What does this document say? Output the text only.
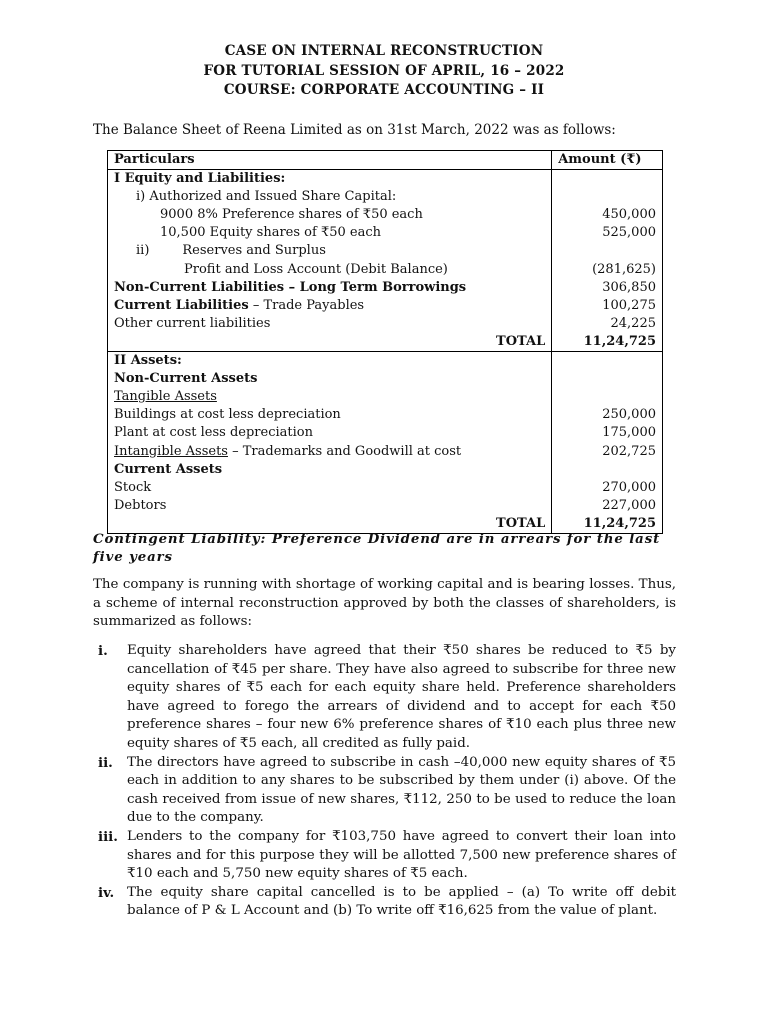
CASE ON INTERNAL RECONSTRUCTION
FOR TUTORIAL SESSION OF APRIL, 16 – 2022
COURSE: CORPORATE ACCOUNTING – II
The Balance Sheet of Reena Limited as on 31st March, 2022 was as follows:
Particulars	Amount (₹)
I Equity and Liabilities:	
i) Authorized and Issued Share Capital:	
9000 8% Preference shares of ₹50 each	450,000
10,500 Equity shares of ₹50 each	525,000
ii) Reserves and Surplus	
Profit and Loss Account (Debit Balance)	(281,625)
Non-Current Liabilities – Long Term Borrowings	306,850
Current Liabilities – Trade Payables	100,275
Other current liabilities	24,225
TOTAL	11,24,725
II Assets:	
Non-Current Assets	
Tangible Assets	
Buildings at cost less depreciation	250,000
Plant at cost less depreciation	175,000
Intangible Assets – Trademarks and Goodwill at cost	202,725
Current Assets	
Stock	270,000
Debtors	227,000
TOTAL	11,24,725
Contingent Liability: Preference Dividend are in arrears for the last five years
The company is running with shortage of working capital and is bearing losses. Thus, a scheme of internal reconstruction approved by both the classes of shareholders, is summarized as follows:
i. Equity shareholders have agreed that their ₹50 shares be reduced to ₹5 by cancellation of ₹45 per share. They have also agreed to subscribe for three new equity shares of ₹5 each for each equity share held. Preference shareholders have agreed to forego the arrears of dividend and to accept for each ₹50 preference shares – four new 6% preference shares of ₹10 each plus three new equity shares of ₹5 each, all credited as fully paid.
ii. The directors have agreed to subscribe in cash –40,000 new equity shares of ₹5 each in addition to any shares to be subscribed by them under (i) above. Of the cash received from issue of new shares, ₹112, 250 to be used to reduce the loan due to the company.
iii. Lenders to the company for ₹103,750 have agreed to convert their loan into shares and for this purpose they will be allotted 7,500 new preference shares of ₹10 each and 5,750 new equity shares of ₹5 each.
iv. The equity share capital cancelled is to be applied – (a) To write off debit balance of P & L Account and (b) To write off ₹16,625 from the value of plant.
